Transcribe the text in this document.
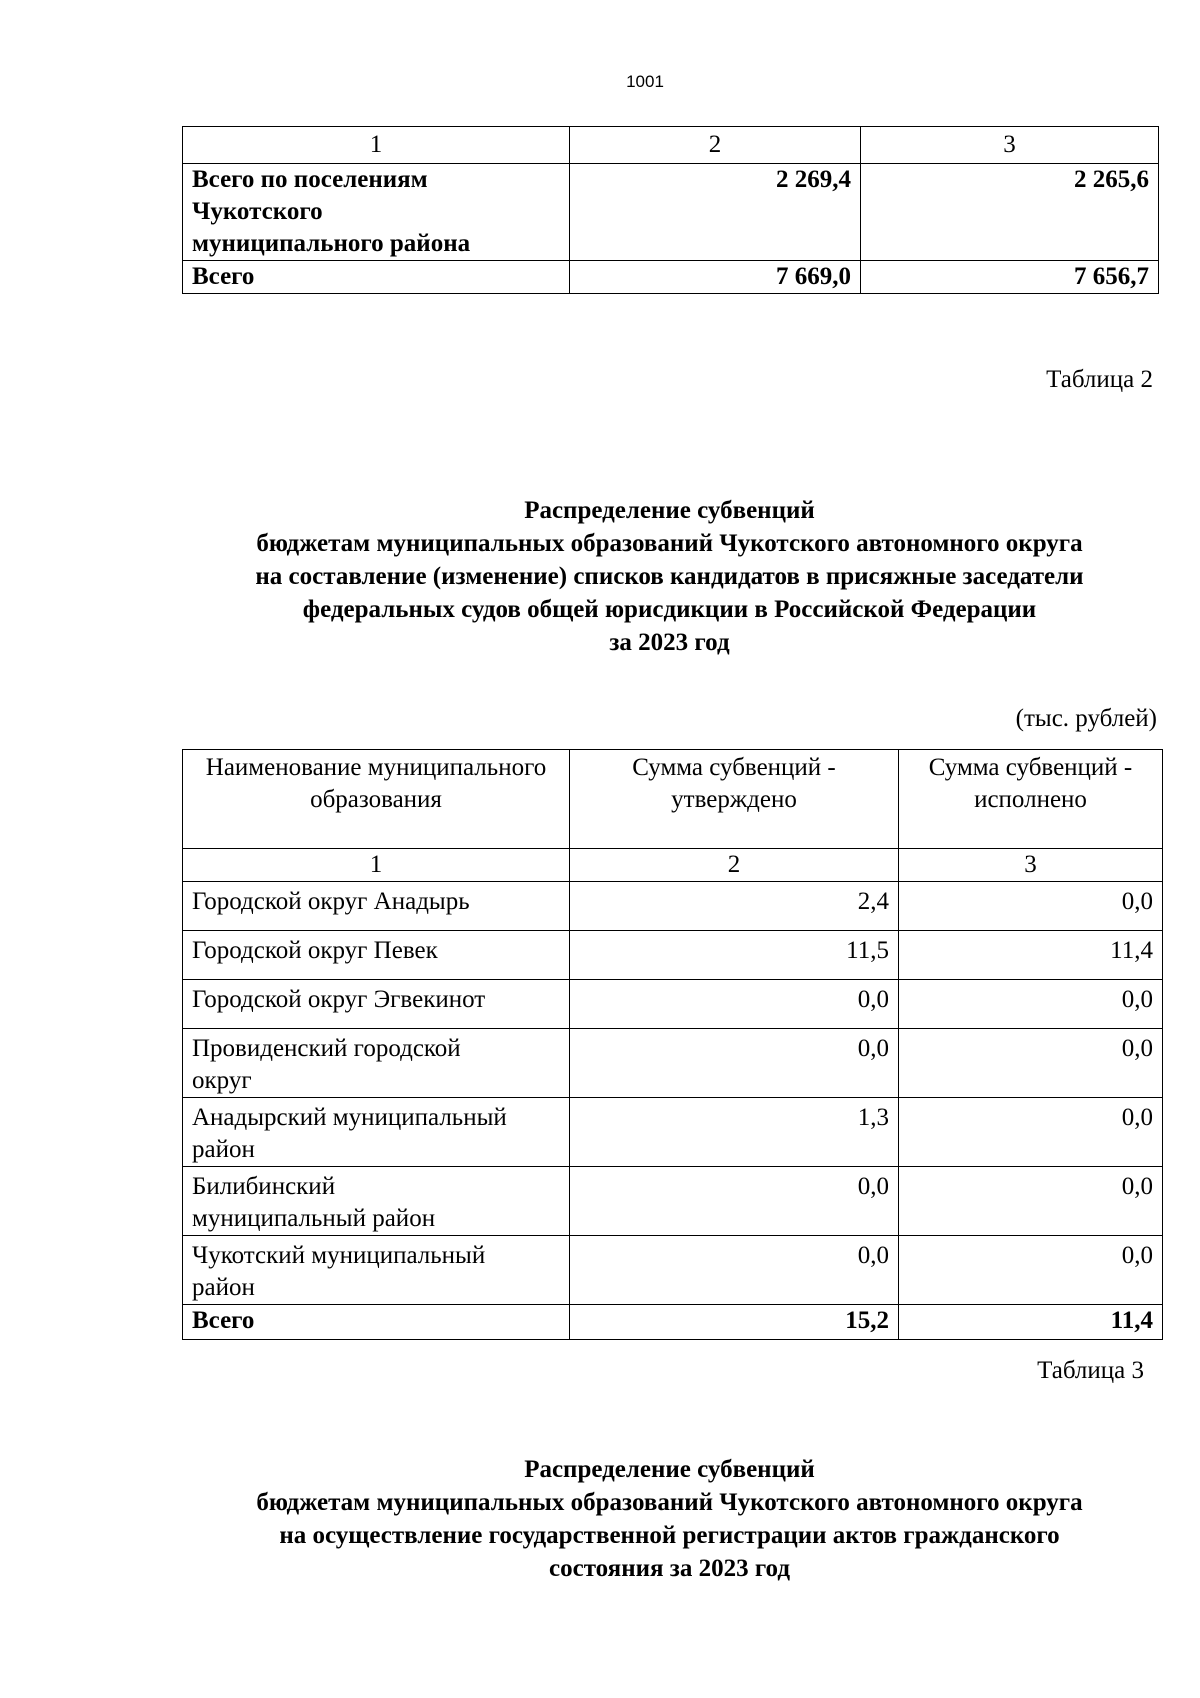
1001
1	2	3
Всего по поселениям Чукотского муниципального района	2 269,4	2 265,6
Всего	7 669,0	7 656,7
Таблица 2
Распределение субвенций
бюджетам муниципальных образований Чукотского автономного округа
на составление (изменение) списков кандидатов в присяжные заседатели
федеральных судов общей юрисдикции в Российской Федерации
за 2023 год
(тыс. рублей)
Наименование муниципального образования	Сумма субвенций - утверждено	Сумма субвенций - исполнено
1	2	3
Городской округ Анадырь	2,4	0,0
Городской округ Певек	11,5	11,4
Городской округ Эгвекинот	0,0	0,0
Провиденский городской округ	0,0	0,0
Анадырский муниципальный район	1,3	0,0
Билибинский муниципальный район	0,0	0,0
Чукотский муниципальный район	0,0	0,0
Всего	15,2	11,4
Таблица 3
Распределение субвенций
бюджетам муниципальных образований Чукотского автономного округа
на осуществление государственной регистрации актов гражданского
состояния за 2023 год
